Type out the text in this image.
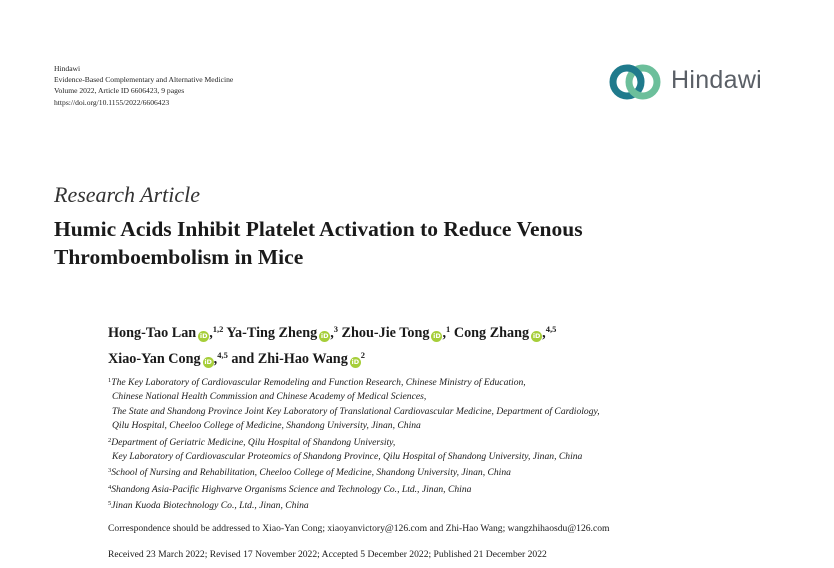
Hindawi
Evidence-Based Complementary and Alternative Medicine
Volume 2022, Article ID 6606423, 9 pages
https://doi.org/10.1155/2022/6606423
Hindawi
Research Article
Humic Acids Inhibit Platelet Activation to Reduce Venous
Thromboembolism in Mice
Hong-Tao Lan iD ,$^{1,2}$ Ya-Ting Zheng iD ,$^3$ Zhou-Jie Tong iD ,$^1$ Cong Zhang iD ,$^{4,5}$
Xiao-Yan Cong iD ,$^{4,5}$ and Zhi-Hao Wang $iD^2$
$^1$The Key Laboratory of Cardiovascular Remodeling and Function Research, Chinese Ministry of Education,
Chinese National Health Commission and Chinese Academy of Medical Sciences,
The State and Shandong Province Joint Key Laboratory of Translational Cardiovascular Medicine, Department of Cardiology,
Qilu Hospital, Cheeloo College of Medicine, Shandong University, Jinan, China
$^2$Department of Geriatric Medicine, Qilu Hospital of Shandong University,
Key Laboratory of Cardiovascular Proteomics of Shandong Province, Qilu Hospital of Shandong University, Jinan, China
$^3$School of Nursing and Rehabilitation, Cheeloo College of Medicine, Shandong University, Jinan, China
$^4$Shandong Asia-Pacific Highvarve Organisms Science and Technology Co., Ltd., Jinan, China
$^5$Jinan Kuoda Biotechnology Co., Ltd., Jinan, China
Correspondence should be addressed to Xiao-Yan Cong; xiaoyanvictory@126.com and Zhi-Hao Wang; wangzhihaosdu@126.com
Received 23 March 2022; Revised 17 November 2022; Accepted 5 December 2022; Published 21 December 2022
